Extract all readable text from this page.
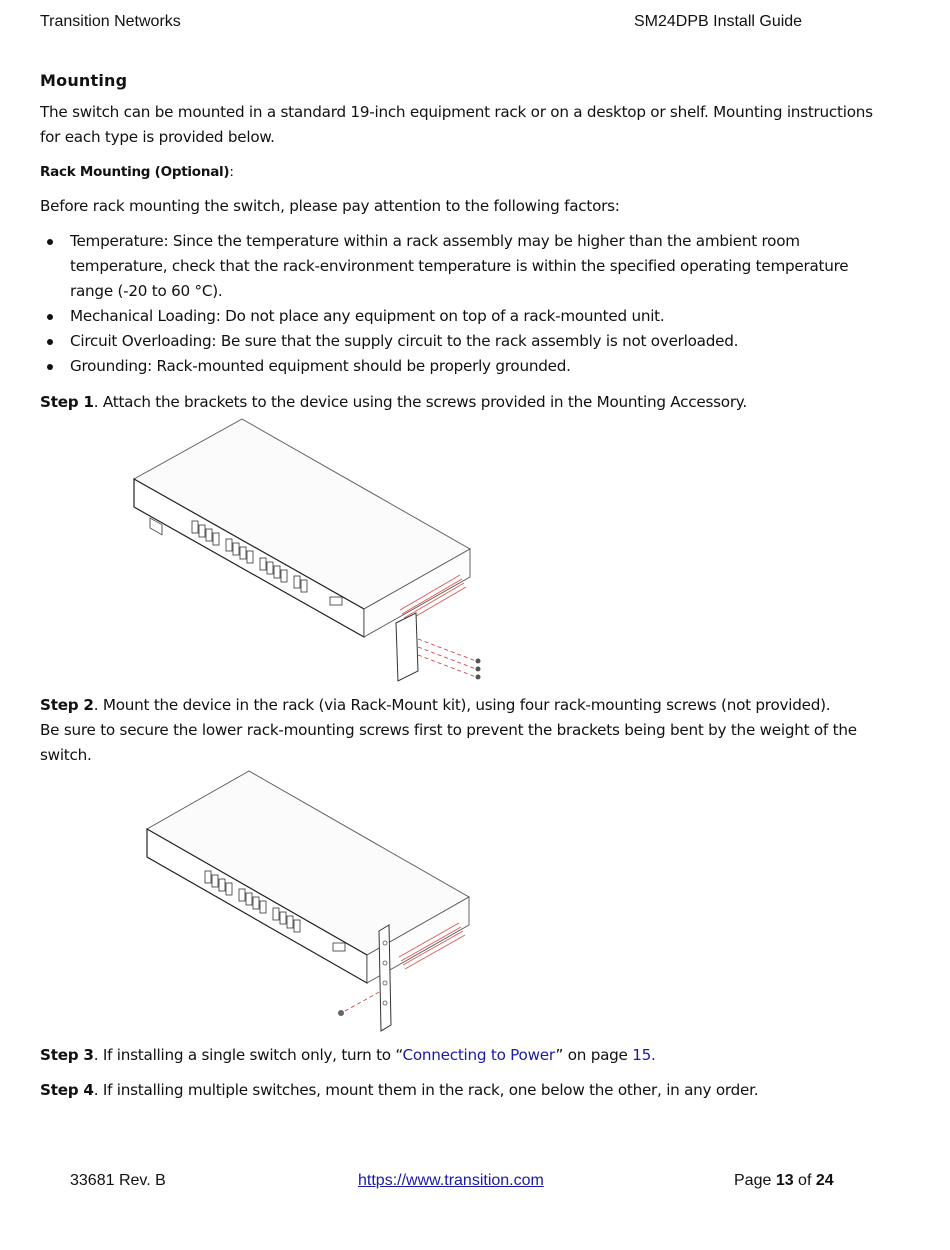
Transition Networks	SM24DPB Install Guide
Mounting
The switch can be mounted in a standard 19-inch equipment rack or on a desktop or shelf. Mounting instructions for each type is provided below.
Rack Mounting (Optional):
Before rack mounting the switch, please pay attention to the following factors:
Temperature: Since the temperature within a rack assembly may be higher than the ambient room temperature, check that the rack-environment temperature is within the specified operating temperature range (-20 to 60 °C).
Mechanical Loading: Do not place any equipment on top of a rack-mounted unit.
Circuit Overloading: Be sure that the supply circuit to the rack assembly is not overloaded.
Grounding: Rack-mounted equipment should be properly grounded.
Step 1. Attach the brackets to the device using the screws provided in the Mounting Accessory.
Step 2. Mount the device in the rack (via Rack-Mount kit), using four rack-mounting screws (not provided).
Be sure to secure the lower rack-mounting screws first to prevent the brackets being bent by the weight of the switch.
Step 3. If installing a single switch only, turn to “Connecting to Power” on page 15.
Step 4. If installing multiple switches, mount them in the rack, one below the other, in any order.
33681 Rev. B	https://www.transition.com	Page 13 of 24
